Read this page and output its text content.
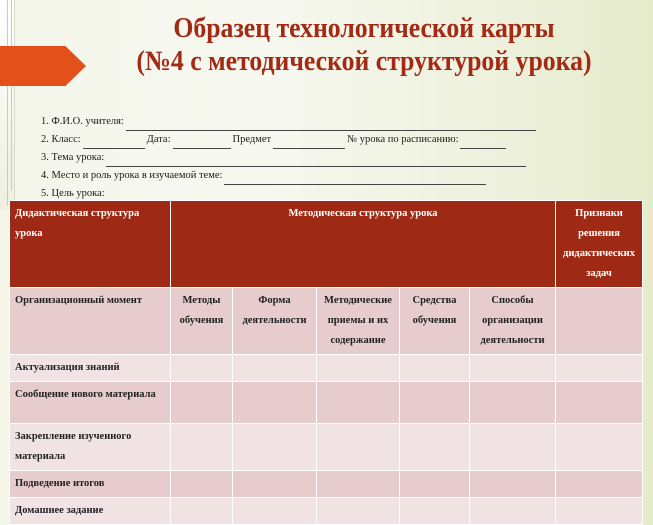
Образец технологической карты
(№4 с методической структурой урока)
1. Ф.И.О. учителя:
2. Класс:	Дата:	Предмет	№ урока по расписанию:
3. Тема урока:
4. Место и роль урока в изучаемой теме:
5. Цель урока:
Дидактическая структура урока	Методическая структура урока					Признаки решения дидактических задач
Организационный момент	Методы обучения	Форма деятельности	Методические приемы и их содержание	Средства обучения	Способы организации деятельности	
Актуализация знаний						
Сообщение нового материала						
Закрепление изученного материала						
Подведение итогов						
Домашнее задание						
